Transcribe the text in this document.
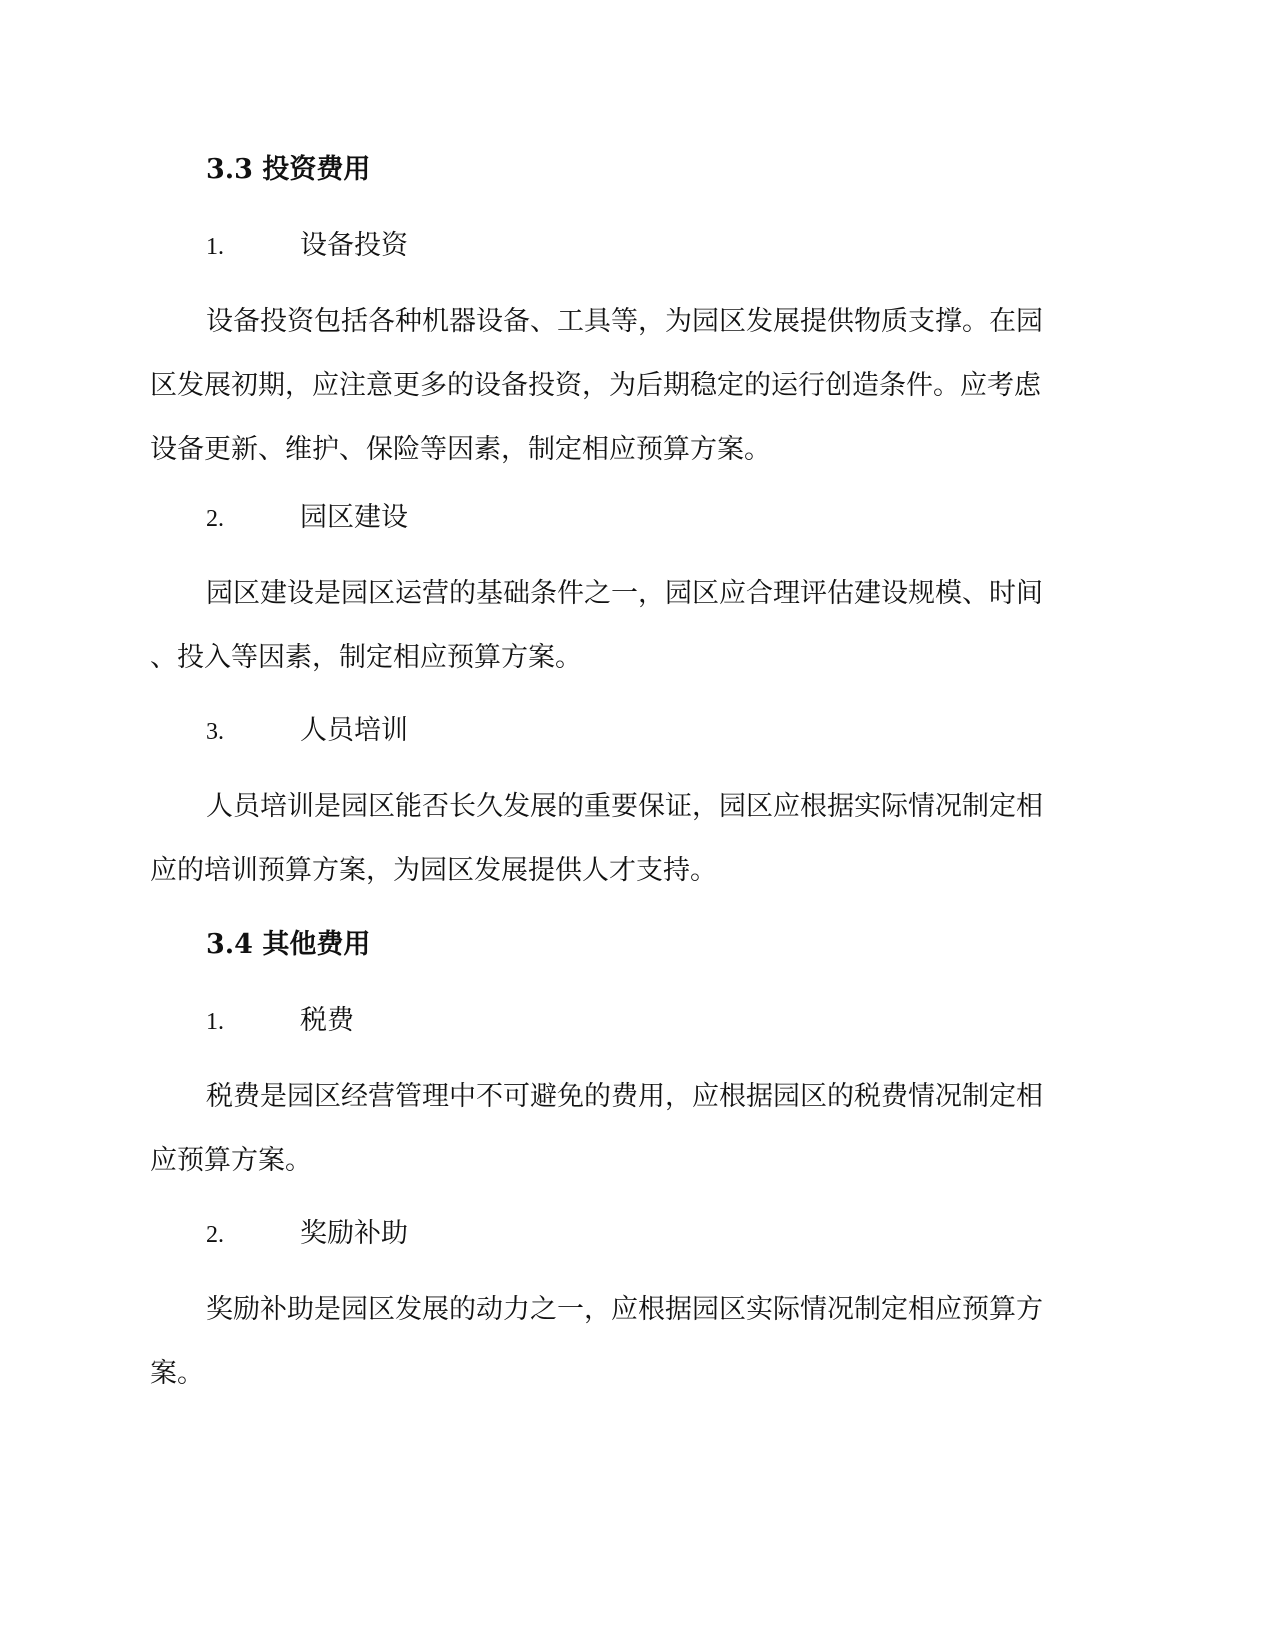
3.3 投资费用
1.	设备投资
设备投资包括各种机器设备、工具等，为园区发展提供物质支撑。在园
区发展初期，应注意更多的设备投资，为后期稳定的运行创造条件。应考虑
设备更新、维护、保险等因素，制定相应预算方案。
2.	园区建设
园区建设是园区运营的基础条件之一，园区应合理评估建设规模、时间
、投入等因素，制定相应预算方案。
3.	人员培训
人员培训是园区能否长久发展的重要保证，园区应根据实际情况制定相
应的培训预算方案，为园区发展提供人才支持。
3.4 其他费用
1.	税费
税费是园区经营管理中不可避免的费用，应根据园区的税费情况制定相
应预算方案。
2.	奖励补助
奖励补助是园区发展的动力之一，应根据园区实际情况制定相应预算方
案。
